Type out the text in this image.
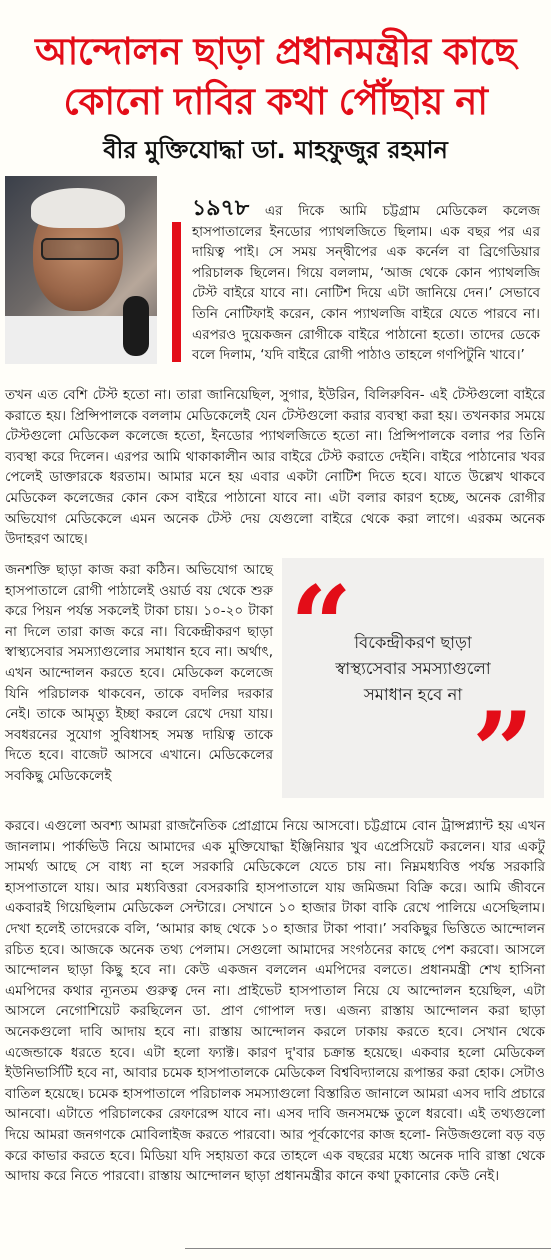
আন্দোলন ছাড়া প্রধানমন্ত্রীর কাছে
কোনো দাবির কথা পৌঁছায় না
বীর মুক্তিযোদ্ধা ডা. মাহফুজুর রহমান

১৯৭৮ এর দিকে আমি চট্টগ্রাম মেডিকেল কলেজ হাসপাতালের ইনডোর প্যাথলজিতে ছিলাম। এক বছর পর এর দায়িত্ব পাই। সে সময় সন্দ্বীপের এক কর্নেল বা ব্রিগেডিয়ার পরিচালক ছিলেন। গিয়ে বললাম, ‘আজ থেকে কোন প্যাথলজি টেস্ট বাইরে যাবে না। নোটিশ দিয়ে এটা জানিয়ে দেন।’ সেভাবে তিনি নোটিফাই করেন, কোন প্যাথলজি বাইরে যেতে পারবে না। এরপরও দুয়েকজন রোগীকে বাইরে পাঠানো হতো। তাদের ডেকে বলে দিলাম, ‘যদি বাইরে রোগী পাঠাও তাহলে গণপিটুনি খাবে।’

তখন এত বেশি টেস্ট হতো না। তারা জানিয়েছিল, সুগার, ইউরিন, বিলিরুবিন- এই টেস্টগুলো বাইরে করাতে হয়। প্রিন্সিপালকে বললাম মেডিকেলেই যেন টেস্টগুলো করার ব্যবস্থা করা হয়। তখনকার সময়ে টেস্টগুলো মেডিকেল কলেজে হতো, ইনডোর প্যাথলজিতে হতো না। প্রিন্সিপালকে বলার পর তিনি ব্যবস্থা করে দিলেন। এরপর আমি থাকাকালীন আর বাইরে টেস্ট করাতে দেইনি। বাইরে পাঠানোর খবর পেলেই ডাক্তারকে ধরতাম। আমার মনে হয় এবার একটা নোটিশ দিতে হবে। যাতে উল্লেখ থাকবে মেডিকেল কলেজের কোন কেস বাইরে পাঠানো যাবে না। এটা বলার কারণ হচ্ছে, অনেক রোগীর অভিযোগ মেডিকেলে এমন অনেক টেস্ট দেয় যেগুলো বাইরে থেকে করা লাগে। এরকম অনেক উদাহরণ আছে।

জনশক্তি ছাড়া কাজ করা কঠিন। অভিযোগ আছে হাসপাতালে রোগী পাঠালেই ওয়ার্ড বয় থেকে শুরু করে পিয়ন পর্যন্ত সকলেই টাকা চায়। ১০-২০ টাকা না দিলে তারা কাজ করে না। বিকেন্দ্রীকরণ ছাড়া স্বাস্থ্যসেবার সমস্যাগুলোর সমাধান হবে না। অর্থাৎ, এখন আন্দোলন করতে হবে। মেডিকেল কলেজে যিনি পরিচালক থাকবেন, তাকে বদলির দরকার নেই। তাকে আমৃত্যু ইচ্ছা করলে রেখে দেয়া যায়। সবধরনের সুযোগ সুবিধাসহ সমস্ত দায়িত্ব তাকে দিতে হবে। বাজেট আসবে এখানে। মেডিকেলের সবকিছু মেডিকেলেই

“ বিকেন্দ্রীকরণ ছাড়া
স্বাস্থ্যসেবার সমস্যাগুলো
সমাধান হবে না ”

করবে। এগুলো অবশ্য আমরা রাজনৈতিক প্রোগ্রামে নিয়ে আসবো। চট্টগ্রামে বোন ট্রান্সপ্ল্যান্ট হয় এখন জানলাম। পার্কভিউ নিয়ে আমাদের এক মুক্তিযোদ্ধা ইঞ্জিনিয়ার খুব এপ্রেসিয়েট করলেন। যার একটু সামর্থ্য আছে সে বাধ্য না হলে সরকারি মেডিকেলে যেতে চায় না। নিম্নমধ্যবিত্ত পর্যন্ত সরকারি হাসপাতালে যায়। আর মধ্যবিত্তরা বেসরকারি হাসপাতালে যায় জমিজমা বিক্রি করে। আমি জীবনে একবারই গিয়েছিলাম মেডিকেল সেন্টারে। সেখানে ১০ হাজার টাকা বাকি রেখে পালিয়ে এসেছিলাম। দেখা হলেই তাদেরকে বলি, ‘আমার কাছ থেকে ১০ হাজার টাকা পাবা।’ সবকিছুর ভিত্তিতে আন্দোলন রচিত হবে। আজকে অনেক তথ্য পেলাম। সেগুলো আমাদের সংগঠনের কাছে পেশ করবো। আসলে আন্দোলন ছাড়া কিছু হবে না। কেউ একজন বললেন এমপিদের বলতে। প্রধানমন্ত্রী শেখ হাসিনা এমপিদের কথার ন্যূনতম গুরুত্ব দেন না। প্রাইভেট হাসপাতাল নিয়ে যে আন্দোলন হয়েছিল, এটা আসলে নেগোশিয়েট করছিলেন ডা. প্রাণ গোপাল দত্ত। এজন্য রাস্তায় আন্দোলন করা ছাড়া অনেকগুলো দাবি আদায় হবে না। রাস্তায় আন্দোলন করলে ঢাকায় করতে হবে। সেখান থেকে এজেন্ডাকে ধরতে হবে। এটা হলো ফ্যাক্ট। কারণ দু'বার চক্রান্ত হয়েছে। একবার হলো মেডিকেল ইউনিভার্সিটি হবে না, আবার চমেক হাসপাতালকে মেডিকেল বিশ্ববিদ্যালয়ে রূপান্তর করা হোক। সেটাও বাতিল হয়েছে। চমেক হাসপাতালে পরিচালক সমস্যাগুলো বিস্তারিত জানালে আমরা এসব দাবি প্রচারে আনবো। এটাতে পরিচালকের রেফারেন্স যাবে না। এসব দাবি জনসমক্ষে তুলে ধরবো। এই তথ্যগুলো দিয়ে আমরা জনগণকে মোবিলাইজ করতে পারবো। আর পূর্বকোণের কাজ হলো- নিউজগুলো বড় বড় করে কাভার করতে হবে। মিডিয়া যদি সহায়তা করে তাহলে এক বছরের মধ্যে অনেক দাবি রাস্তা থেকে আদায় করে নিতে পারবো। রাস্তায় আন্দোলন ছাড়া প্রধানমন্ত্রীর কানে কথা ঢুকানোর কেউ নেই।
